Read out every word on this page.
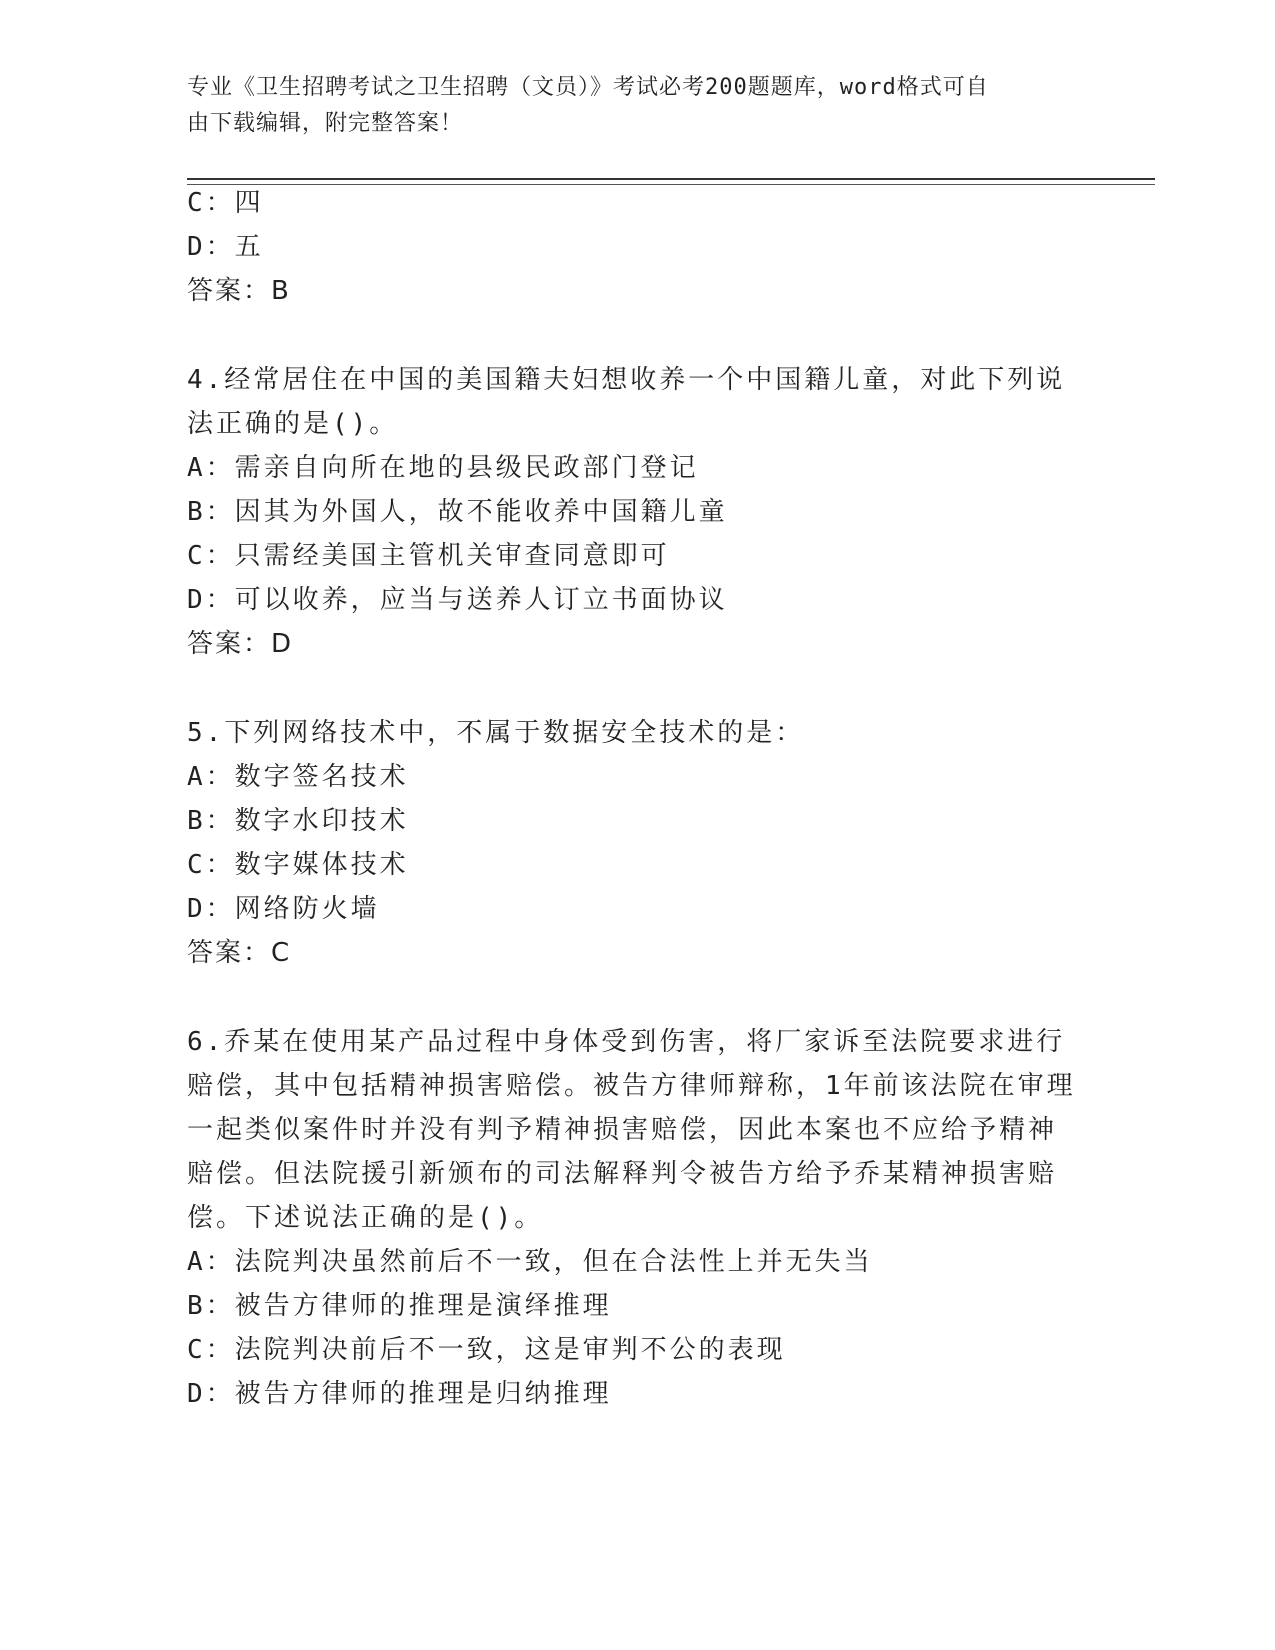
专业《卫生招聘考试之卫生招聘（文员）》考试必考200题题库，word格式可自
由下载编辑，附完整答案！
C：四
D：五
答案：B
4.经常居住在中国的美国籍夫妇想收养一个中国籍儿童，对此下列说
法正确的是()。
A：需亲自向所在地的县级民政部门登记
B：因其为外国人，故不能收养中国籍儿童
C：只需经美国主管机关审查同意即可
D：可以收养，应当与送养人订立书面协议
答案：D
5.下列网络技术中，不属于数据安全技术的是：
A：数字签名技术
B：数字水印技术
C：数字媒体技术
D：网络防火墙
答案：C
6.乔某在使用某产品过程中身体受到伤害，将厂家诉至法院要求进行
赔偿，其中包括精神损害赔偿。被告方律师辩称，1年前该法院在审理
一起类似案件时并没有判予精神损害赔偿，因此本案也不应给予精神
赔偿。但法院援引新颁布的司法解释判令被告方给予乔某精神损害赔
偿。下述说法正确的是()。
A：法院判决虽然前后不一致，但在合法性上并无失当
B：被告方律师的推理是演绎推理
C：法院判决前后不一致，这是审判不公的表现
D：被告方律师的推理是归纳推理
